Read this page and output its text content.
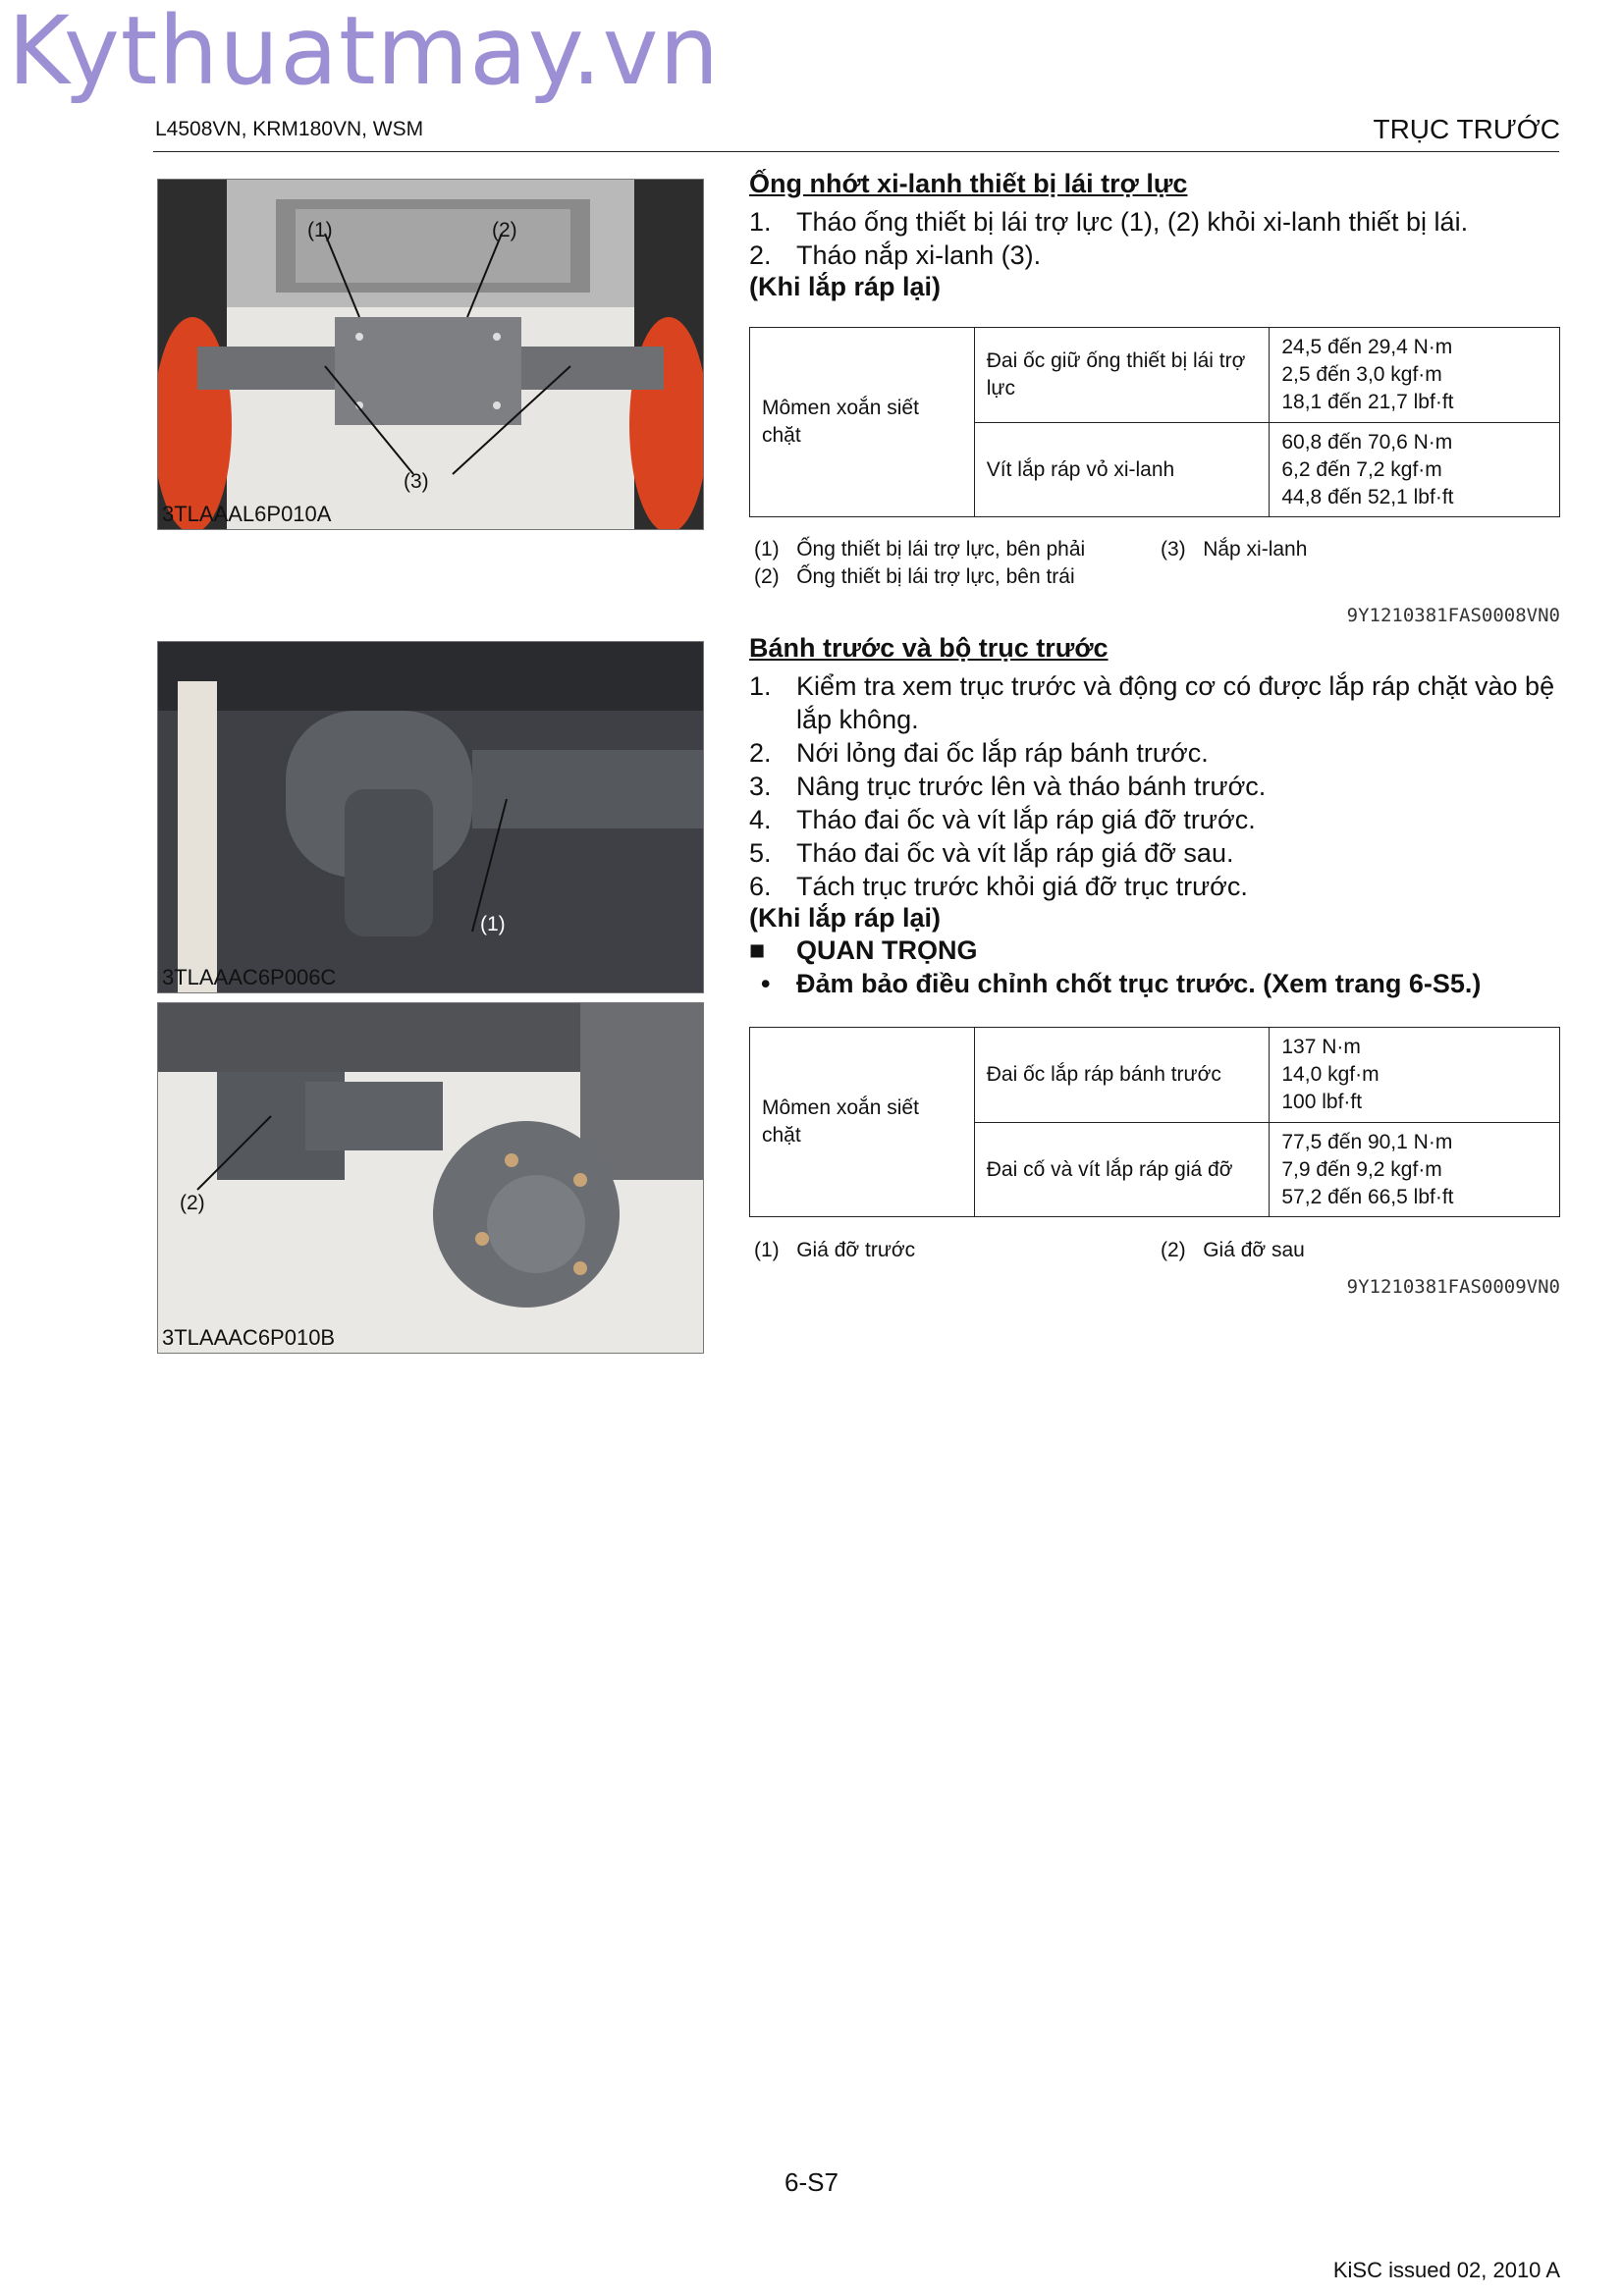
Kythuatmay.vn
L4508VN, KRM180VN, WSM	TRỤC TRƯỚC
(1)	(2)
(3)
3TLAAAL6P010A
(1)
3TLAAAC6P006C
(2)
3TLAAAC6P010B
Ống nhớt xi-lanh thiết bị lái trợ lực
1. Tháo ống thiết bị lái trợ lực (1), (2) khỏi xi-lanh thiết bị lái.
2. Tháo nắp xi-lanh (3).
(Khi lắp ráp lại)
Mômen xoắn siết chặt	Đai ốc giữ ống thiết bị lái trợ lực	24,5 đến 29,4 N·m
2,5 đến 3,0 kgf·m
18,1 đến 21,7 lbf·ft

	Vít lắp ráp vỏ xi-lanh	60,8 đến 70,6 N·m
6,2 đến 7,2 kgf·m
44,8 đến 52,1 lbf·ft
(1) Ống thiết bị lái trợ lực, bên phải	(3) Nắp xi-lanh
(2) Ống thiết bị lái trợ lực, bên trái
9Y1210381FAS0008VN0
Bánh trước và bộ trục trước
1. Kiểm tra xem trục trước và động cơ có được lắp ráp chặt vào bệ lắp không.
2. Nới lỏng đai ốc lắp ráp bánh trước.
3. Nâng trục trước lên và tháo bánh trước.
4. Tháo đai ốc và vít lắp ráp giá đỡ trước.
5. Tháo đai ốc và vít lắp ráp giá đỡ sau.
6. Tách trục trước khỏi giá đỡ trục trước.
(Khi lắp ráp lại)
■ QUAN TRỌNG
• Đảm bảo điều chỉnh chốt trục trước. (Xem trang 6-S5.)
Mômen xoắn siết chặt	Đai ốc lắp ráp bánh trước	137 N·m
14,0 kgf·m
100 lbf·ft

	Đai cố và vít lắp ráp giá đỡ	77,5 đến 90,1 N·m
7,9 đến 9,2 kgf·m
57,2 đến 66,5 lbf·ft
(1) Giá đỡ trước	(2) Giá đỡ sau
9Y1210381FAS0009VN0
6-S7
KiSC issued 02, 2010 A
